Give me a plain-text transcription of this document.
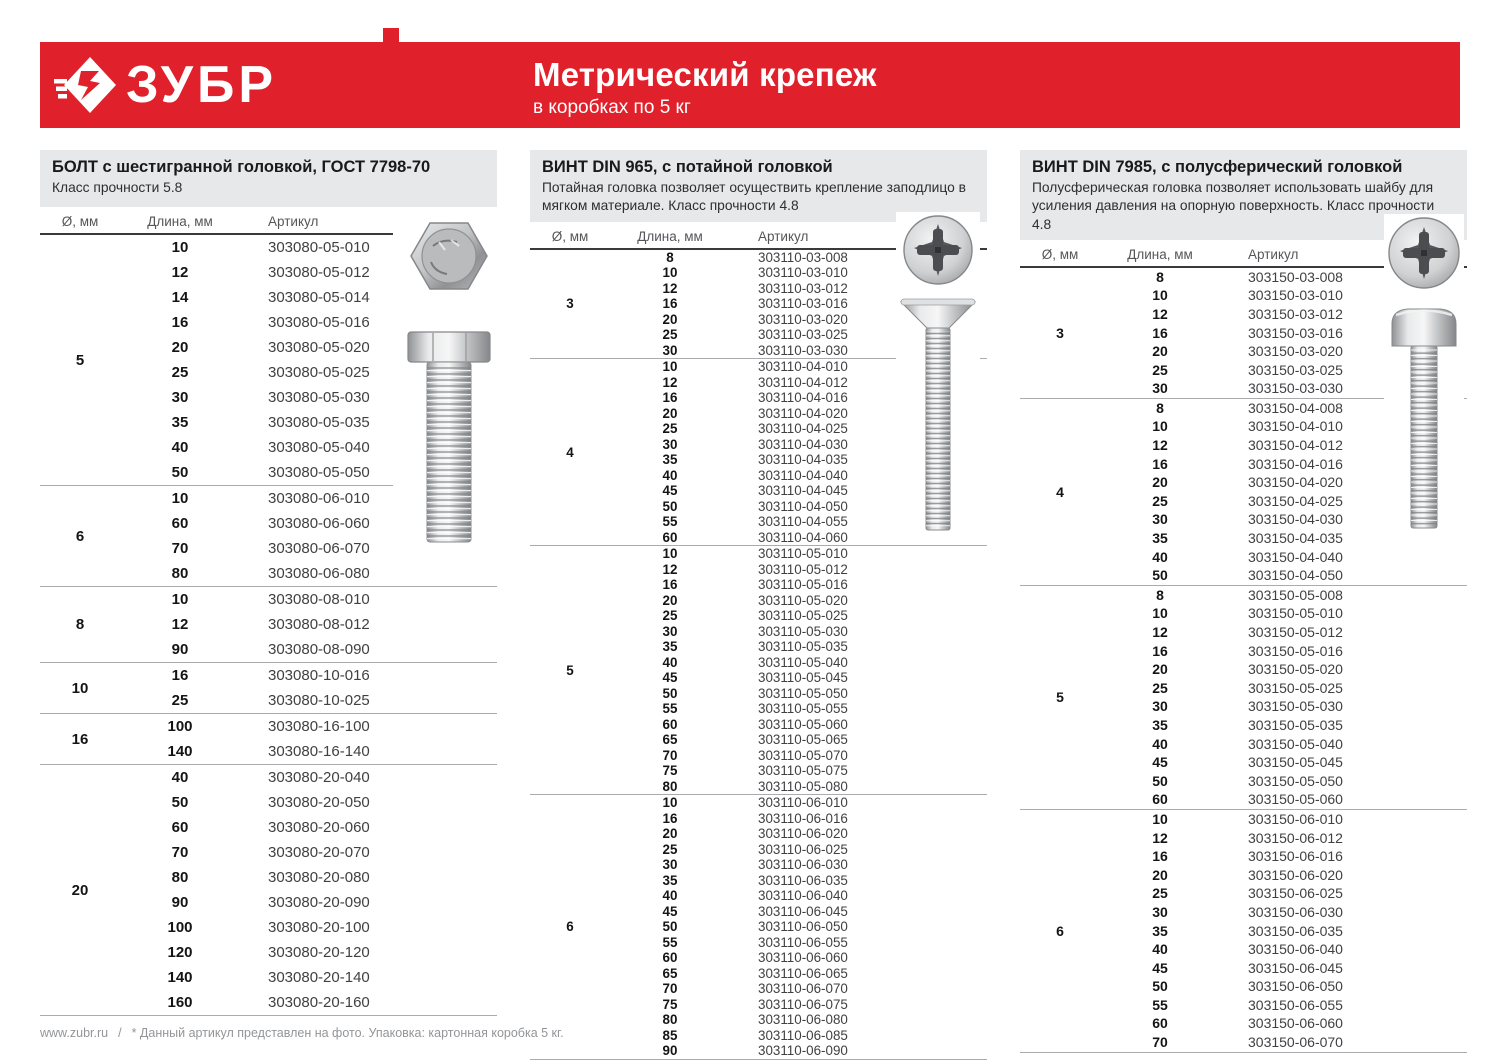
ЗУБР	Метрический крепеж
в коробках по 5 кг
БОЛТ с шестигранной головкой, ГОСТ 7798-70
Класс прочности 5.8
Ø, мм	Длина, мм	Артикул
5
10	303080-05-010
12	303080-05-012
14	303080-05-014
16	303080-05-016
20	303080-05-020
25	303080-05-025
30	303080-05-030
35	303080-05-035
40	303080-05-040
50	303080-05-050
6
10	303080-06-010
60	303080-06-060
70	303080-06-070
80	303080-06-080
8
10	303080-08-010
12	303080-08-012
90	303080-08-090
10
16	303080-10-016
25	303080-10-025
16
100	303080-16-100
140	303080-16-140
20
40	303080-20-040
50	303080-20-050
60	303080-20-060
70	303080-20-070
80	303080-20-080
90	303080-20-090
100	303080-20-100
120	303080-20-120
140	303080-20-140
160	303080-20-160
ВИНТ DIN 965, с потайной головкой
Потайная головка позволяет осуществить крепление заподлицо в мягком материале. Класс прочности 4.8
Ø, мм	Длина, мм	Артикул
3
8	303110-03-008
10	303110-03-010
12	303110-03-012
16	303110-03-016
20	303110-03-020
25	303110-03-025
30	303110-03-030
4
10	303110-04-010
12	303110-04-012
16	303110-04-016
20	303110-04-020
25	303110-04-025
30	303110-04-030
35	303110-04-035
40	303110-04-040
45	303110-04-045
50	303110-04-050
55	303110-04-055
60	303110-04-060
5
10	303110-05-010
12	303110-05-012
16	303110-05-016
20	303110-05-020
25	303110-05-025
30	303110-05-030
35	303110-05-035
40	303110-05-040
45	303110-05-045
50	303110-05-050
55	303110-05-055
60	303110-05-060
65	303110-05-065
70	303110-05-070
75	303110-05-075
80	303110-05-080
6
10	303110-06-010
16	303110-06-016
20	303110-06-020
25	303110-06-025
30	303110-06-030
35	303110-06-035
40	303110-06-040
45	303110-06-045
50	303110-06-050
55	303110-06-055
60	303110-06-060
65	303110-06-065
70	303110-06-070
75	303110-06-075
80	303110-06-080
85	303110-06-085
90	303110-06-090
ВИНТ DIN 7985, с полусферический головкой
Полусферическая головка позволяет использовать шайбу для усиления давления на опорную поверхность. Класс прочности 4.8
Ø, мм	Длина, мм	Артикул
3
8	303150-03-008
10	303150-03-010
12	303150-03-012
16	303150-03-016
20	303150-03-020
25	303150-03-025
30	303150-03-030
4
8	303150-04-008
10	303150-04-010
12	303150-04-012
16	303150-04-016
20	303150-04-020
25	303150-04-025
30	303150-04-030
35	303150-04-035
40	303150-04-040
50	303150-04-050
5
8	303150-05-008
10	303150-05-010
12	303150-05-012
16	303150-05-016
20	303150-05-020
25	303150-05-025
30	303150-05-030
35	303150-05-035
40	303150-05-040
45	303150-05-045
50	303150-05-050
60	303150-05-060
6
10	303150-06-010
12	303150-06-012
16	303150-06-016
20	303150-06-020
25	303150-06-025
30	303150-06-030
35	303150-06-035
40	303150-06-040
45	303150-06-045
50	303150-06-050
55	303150-06-055
60	303150-06-060
70	303150-06-070
www.zubr.ru / * Данный артикул представлен на фото. Упаковка: картонная коробка 5 кг.
